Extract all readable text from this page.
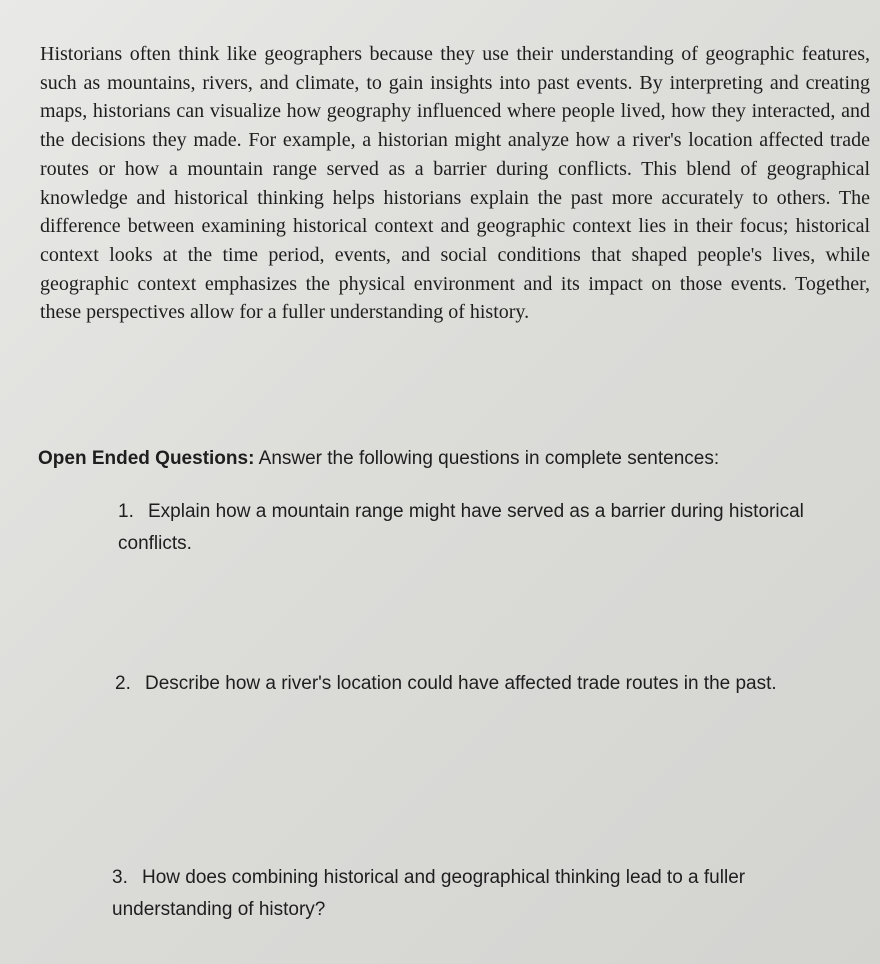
Historians often think like geographers because they use their understanding of geographic features, such as mountains, rivers, and climate, to gain insights into past events. By interpreting and creating maps, historians can visualize how geography influenced where people lived, how they interacted, and the decisions they made. For example, a historian might analyze how a river's location affected trade routes or how a mountain range served as a barrier during conflicts. This blend of geographical knowledge and historical thinking helps historians explain the past more accurately to others. The difference between examining historical context and geographic context lies in their focus; historical context looks at the time period, events, and social conditions that shaped people's lives, while geographic context emphasizes the physical environment and its impact on those events. Together, these perspectives allow for a fuller understanding of history.

Open Ended Questions: Answer the following questions in complete sentences:

1. Explain how a mountain range might have served as a barrier during historical conflicts.

2. Describe how a river's location could have affected trade routes in the past.

3. How does combining historical and geographical thinking lead to a fuller understanding of history?
